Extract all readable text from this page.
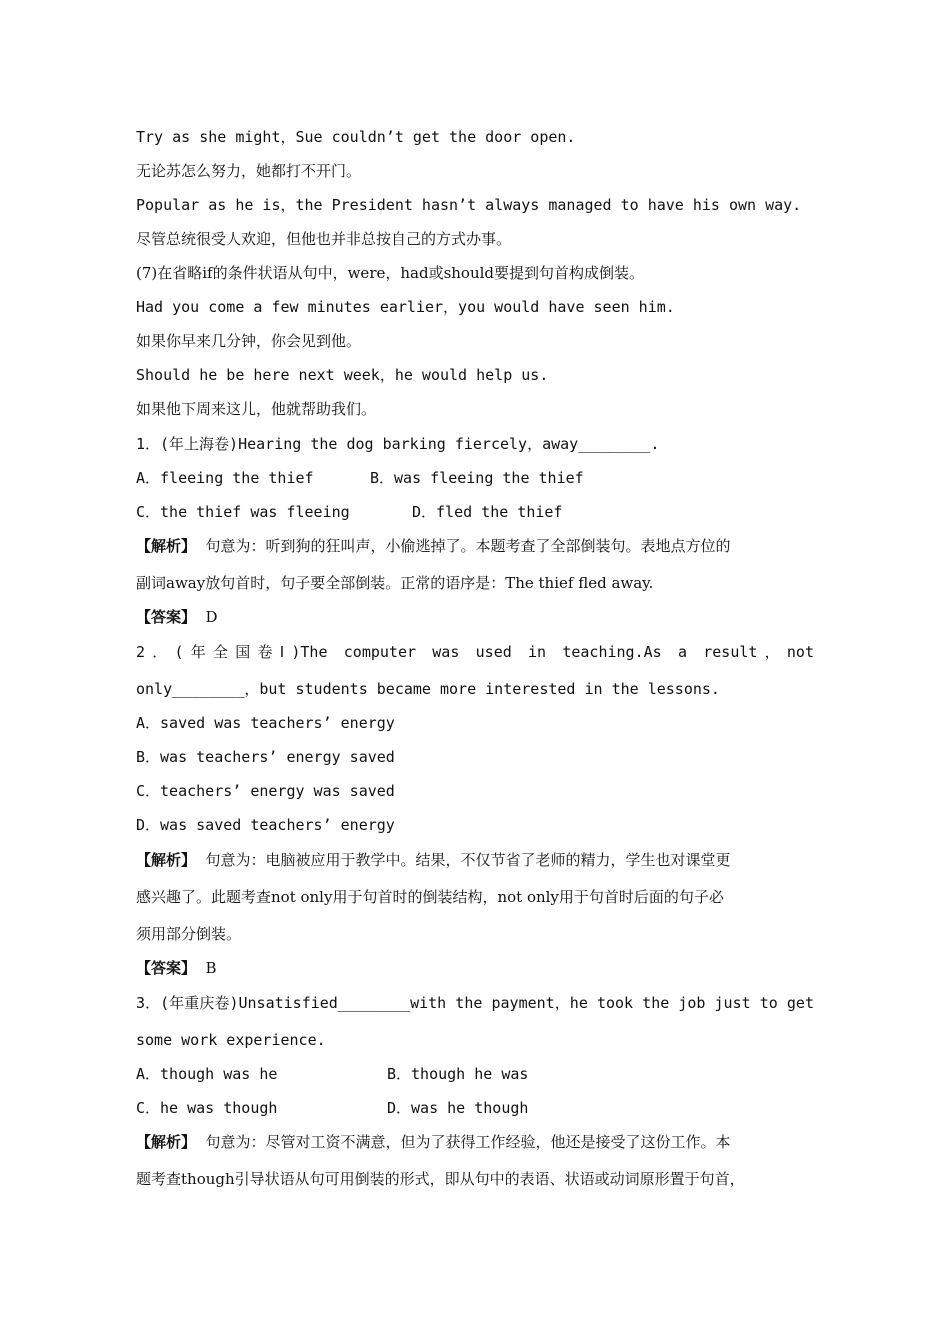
Try as she might，Sue couldn’t get the door open.
无论苏怎么努力，她都打不开门。
Popular as he is，the President hasn’t always managed to have his own way.
尽管总统很受人欢迎，但他也并非总按自己的方式办事。
(7)在省略if的条件状语从句中，were，had或should要提到句首构成倒装。
Had you come a few minutes earlier，you would have seen him.
如果你早来几分钟，你会见到他。
Should he be here next week，he would help us.
如果他下周来这儿，他就帮助我们。
1．(年上海卷)Hearing the dog barking fiercely，away________.
A．fleeing the thief	B．was fleeing the thief
C．the thief was fleeing	D．fled the thief
【解析】  句意为：听到狗的狂叫声，小偷逃掉了。本题考查了全部倒装句。表地点方位的
副词away放句首时，句子要全部倒装。正常的语序是：The thief fled away.
【答案】  D
2．(年全国卷Ⅰ)The computer was used in teaching.As a result，not
only________，but students became more interested in the lessons.
A．saved was teachers’ energy
B．was teachers’ energy saved
C．teachers’ energy was saved
D．was saved teachers’ energy
【解析】  句意为：电脑被应用于教学中。结果，不仅节省了老师的精力，学生也对课堂更
感兴趣了。此题考查not only用于句首时的倒装结构，not only用于句首时后面的句子必
须用部分倒装。
【答案】  B
3．(年重庆卷)Unsatisfied________with the payment，he took the job just to get
some work experience.
A．though was he	B．though he was
C．he was though	D．was he though
【解析】  句意为：尽管对工资不满意，但为了获得工作经验，他还是接受了这份工作。本
题考查though引导状语从句可用倒装的形式，即从句中的表语、状语或动词原形置于句首，
